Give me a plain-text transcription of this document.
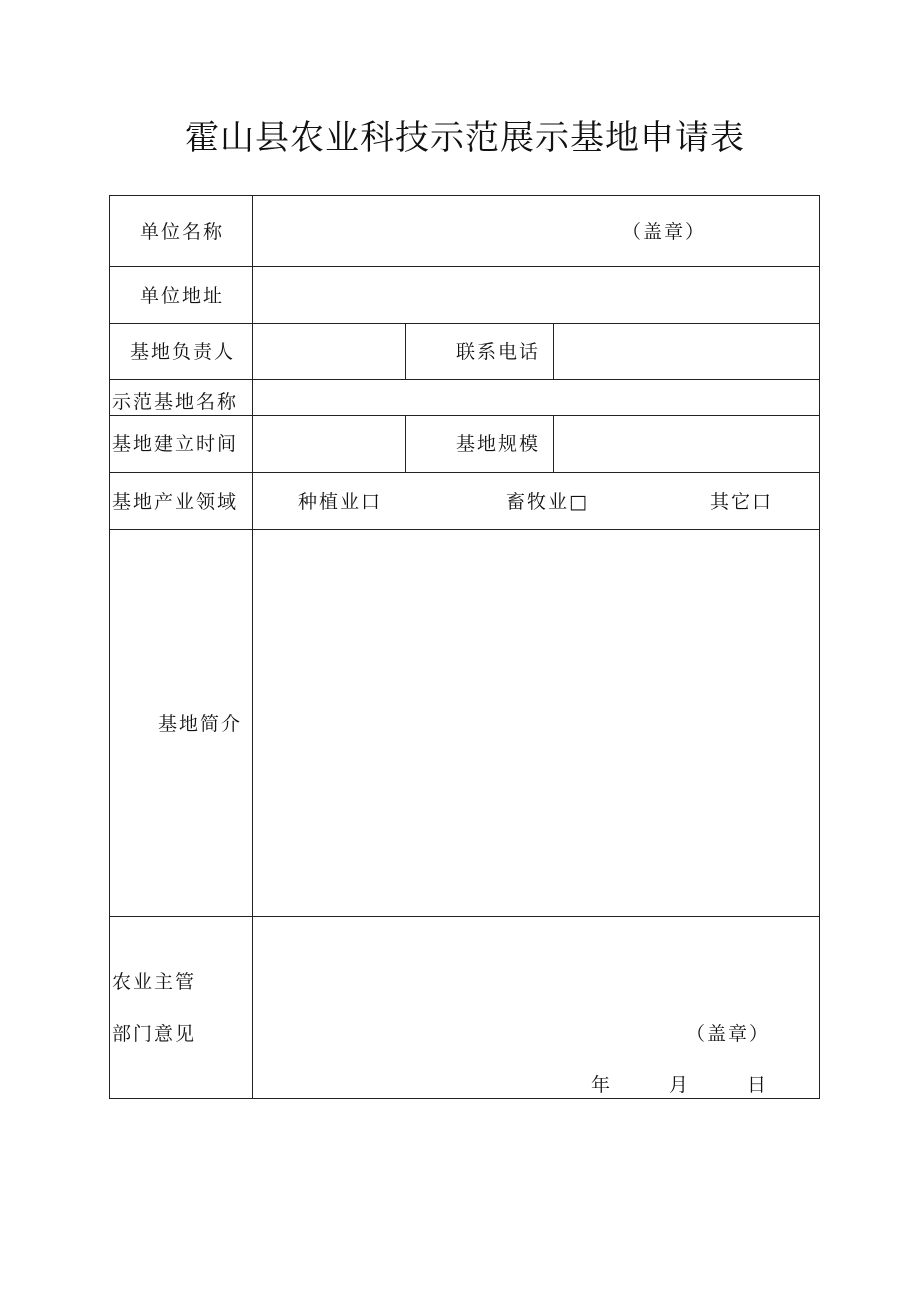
霍山县农业科技示范展示基地申请表
单位名称	（盖章）
单位地址
基地负责人	联系电话
示范基地名称
基地建立时间	基地规模
基地产业领域	种植业口	畜牧业□	其它口
基地简介
农业主管
部门意见	（盖章）
年	月	日
